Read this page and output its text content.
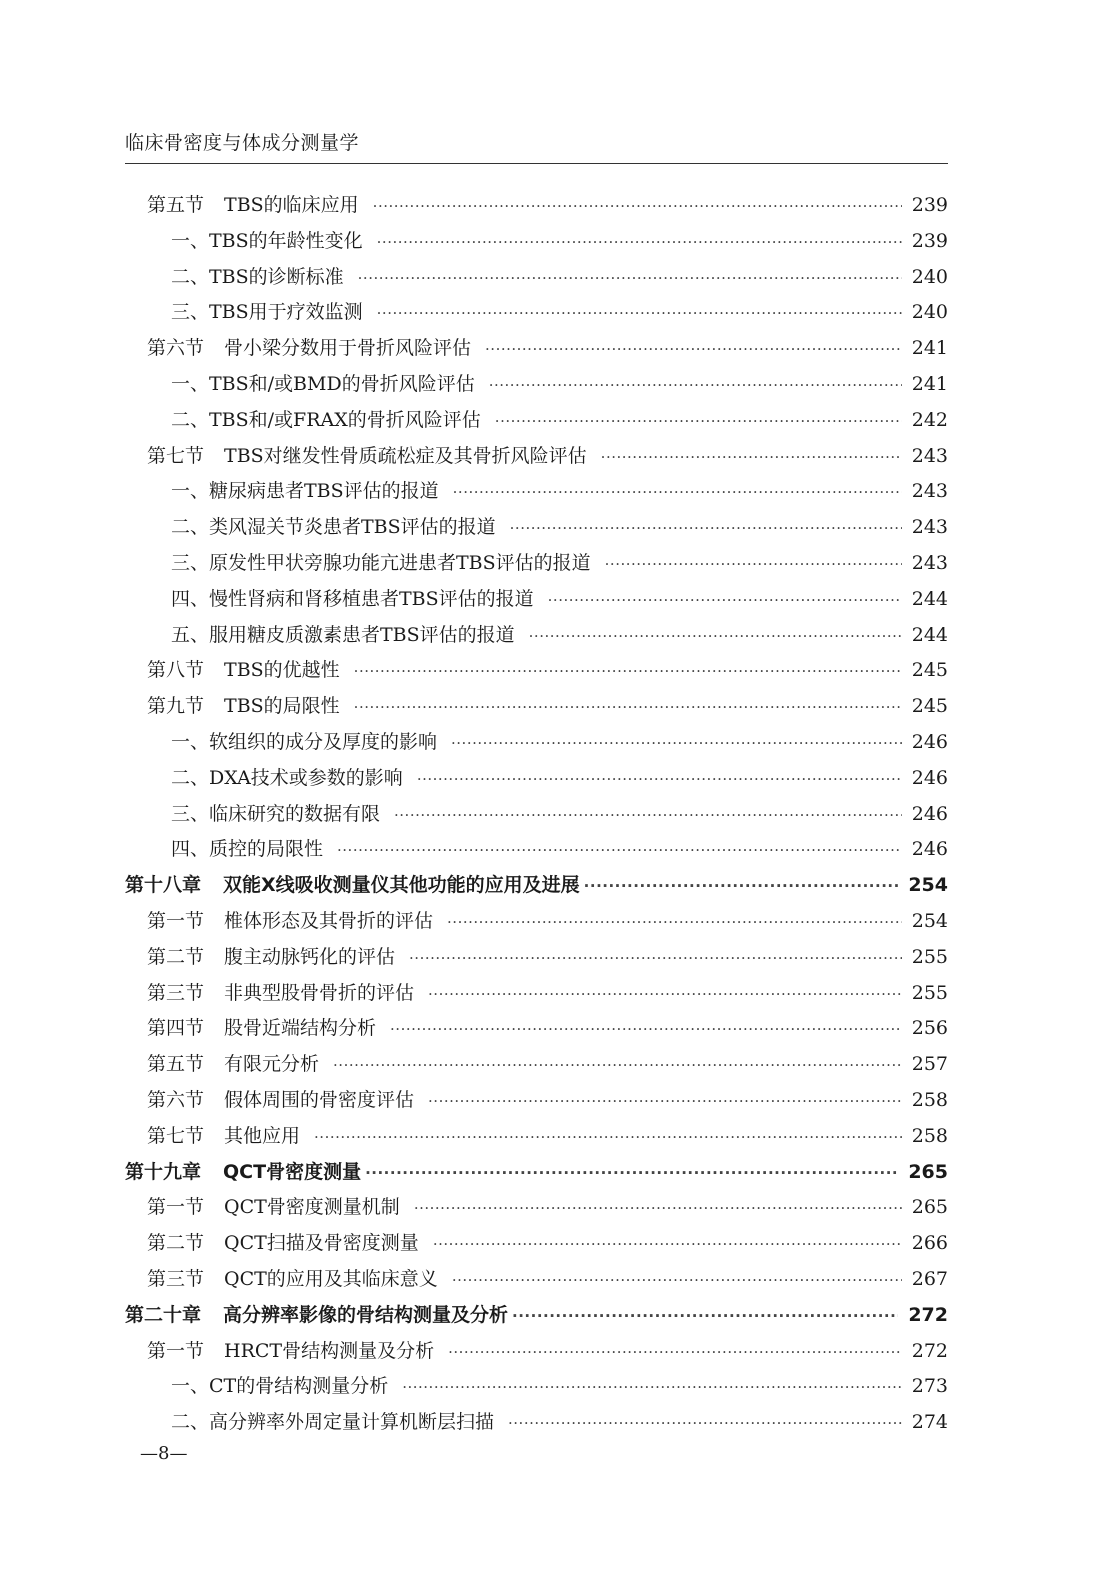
临床骨密度与体成分测量学
第五节 TBS的临床应用 ·····	239
一、TBS的年龄性变化 ·····	239
二、TBS的诊断标准 ·····	240
三、TBS用于疗效监测 ·····	240
第六节 骨小梁分数用于骨折风险评估 ·····	241
一、TBS和/或BMD的骨折风险评估 ·····	241
二、TBS和/或FRAX的骨折风险评估 ·····	242
第七节 TBS对继发性骨质疏松症及其骨折风险评估 ·····	243
一、糖尿病患者TBS评估的报道 ·····	243
二、类风湿关节炎患者TBS评估的报道 ·····	243
三、原发性甲状旁腺功能亢进患者TBS评估的报道 ·····	243
四、慢性肾病和肾移植患者TBS评估的报道 ·····	244
五、服用糖皮质激素患者TBS评估的报道 ·····	244
第八节 TBS的优越性 ·····	245
第九节 TBS的局限性 ·····	245
一、软组织的成分及厚度的影响 ·····	246
二、DXA技术或参数的影响 ·····	246
三、临床研究的数据有限 ·····	246
四、质控的局限性 ·····	246
第十八章 双能X线吸收测量仪其他功能的应用及进展 ·····	254
第一节 椎体形态及其骨折的评估 ·····	254
第二节 腹主动脉钙化的评估 ·····	255
第三节 非典型股骨骨折的评估 ·····	255
第四节 股骨近端结构分析 ·····	256
第五节 有限元分析 ·····	257
第六节 假体周围的骨密度评估 ·····	258
第七节 其他应用 ·····	258
第十九章 QCT骨密度测量 ·····	265
第一节 QCT骨密度测量机制 ·····	265
第二节 QCT扫描及骨密度测量 ·····	266
第三节 QCT的应用及其临床意义 ·····	267
第二十章 高分辨率影像的骨结构测量及分析 ·····	272
第一节 HRCT骨结构测量及分析 ·····	272
一、CT的骨结构测量分析 ·····	273
二、高分辨率外周定量计算机断层扫描 ·····	274
—8—
